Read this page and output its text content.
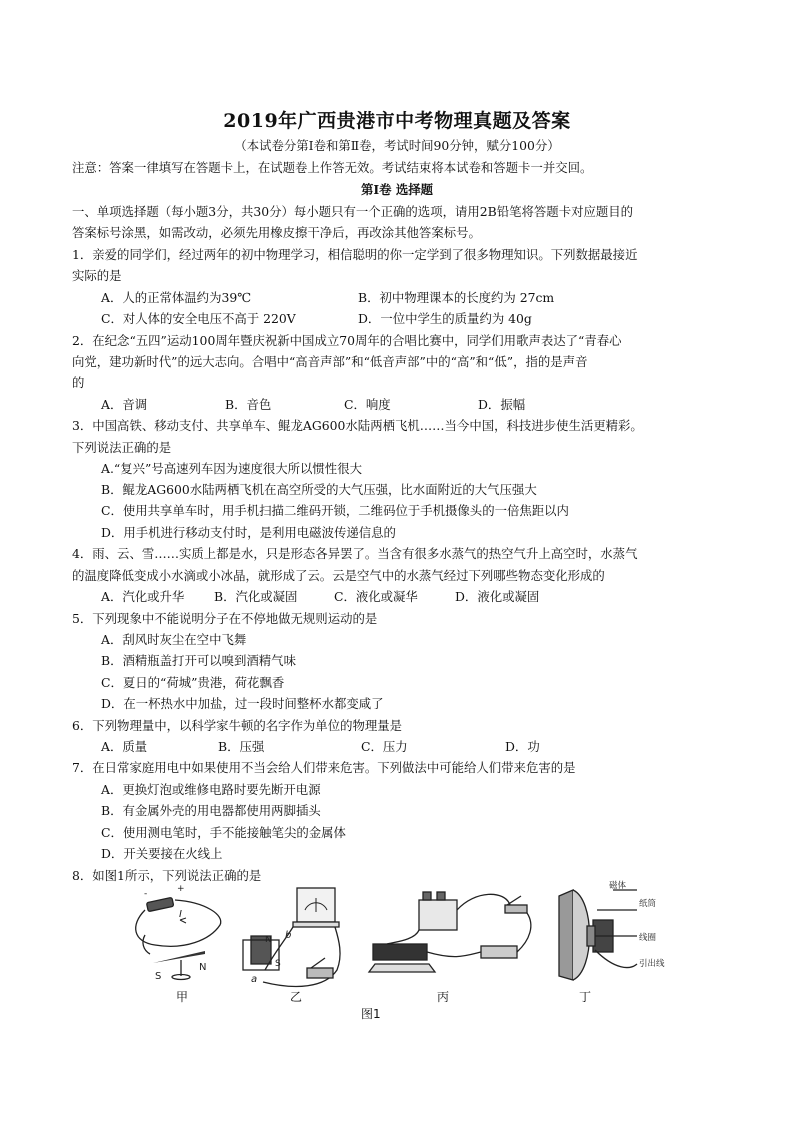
2019年广西贵港市中考物理真题及答案
（本试卷分第Ⅰ卷和第Ⅱ卷，考试时间90分钟，赋分100分）
注意：答案一律填写在答题卡上，在试题卷上作答无效。考试结束将本试卷和答题卡一并交回。
第Ⅰ卷 选择题
一、单项选择题（每小题3分，共30分）每小题只有一个正确的选项，请用2B铅笔将答题卡对应题目的
答案标号涂黑，如需改动，必须先用橡皮擦干净后，再改涂其他答案标号。
1．亲爱的同学们，经过两年的初中物理学习，相信聪明的你一定学到了很多物理知识。下列数据最接近
实际的是
A．人的正常体温约为39℃	B．初中物理课本的长度约为 27cm
C．对人体的安全电压不高于 220V	D．一位中学生的质量约为 40g
2．在纪念“五四”运动100周年暨庆祝新中国成立70周年的合唱比赛中，同学们用歌声表达了“青春心
向党，建功新时代”的远大志向。合唱中“高音声部”和“低音声部”中的“高”和“低”，指的是声音
的
A．音调	B．音色	C．响度	D．振幅
3．中国高铁、移动支付、共享单车、鲲龙AG600水陆两栖飞机……当今中国，科技进步使生活更精彩。
下列说法正确的是
A.“复兴”号高速列车因为速度很大所以惯性很大
B．鲲龙AG600水陆两栖飞机在高空所受的大气压强，比水面附近的大气压强大
C．使用共享单车时，用手机扫描二维码开锁，二维码位于手机摄像头的一倍焦距以内
D．用手机进行移动支付时，是利用电磁波传递信息的
4．雨、云、雪……实质上都是水，只是形态各异罢了。当含有很多水蒸气的热空气升上高空时，水蒸气
的温度降低变成小水滴或小冰晶，就形成了云。云是空气中的水蒸气经过下列哪些物态变化形成的
A．汽化或升华 B．汽化或凝固	C．液化或凝华	D．液化或凝固
5．下列现象中不能说明分子在不停地做无规则运动的是
A．刮风时灰尘在空中飞舞
B．酒精瓶盖打开可以嗅到酒精气味
C．夏日的“荷城”贵港，荷花飘香
D．在一杯热水中加盐，过一段时间整杯水都变咸了
6．下列物理量中，以科学家牛顿的名字作为单位的物理量是
A．质量	B．压强	C．压力	D．功
7．在日常家庭用电中如果使用不当会给人们带来危害。下列做法中可能给人们带来危害的是
A．更换灯泡或维修电路时要先断开电源
B．有金属外壳的用电器都使用两脚插头
C．使用测电笔时，手不能接触笔尖的金属体
D．开关要接在火线上
8．如图1所示，下列说法正确的是
-	+
I
S
N
N
S
a
b
磁体
纸筒
线圈
引出线
甲	乙	丙	丁
图1
